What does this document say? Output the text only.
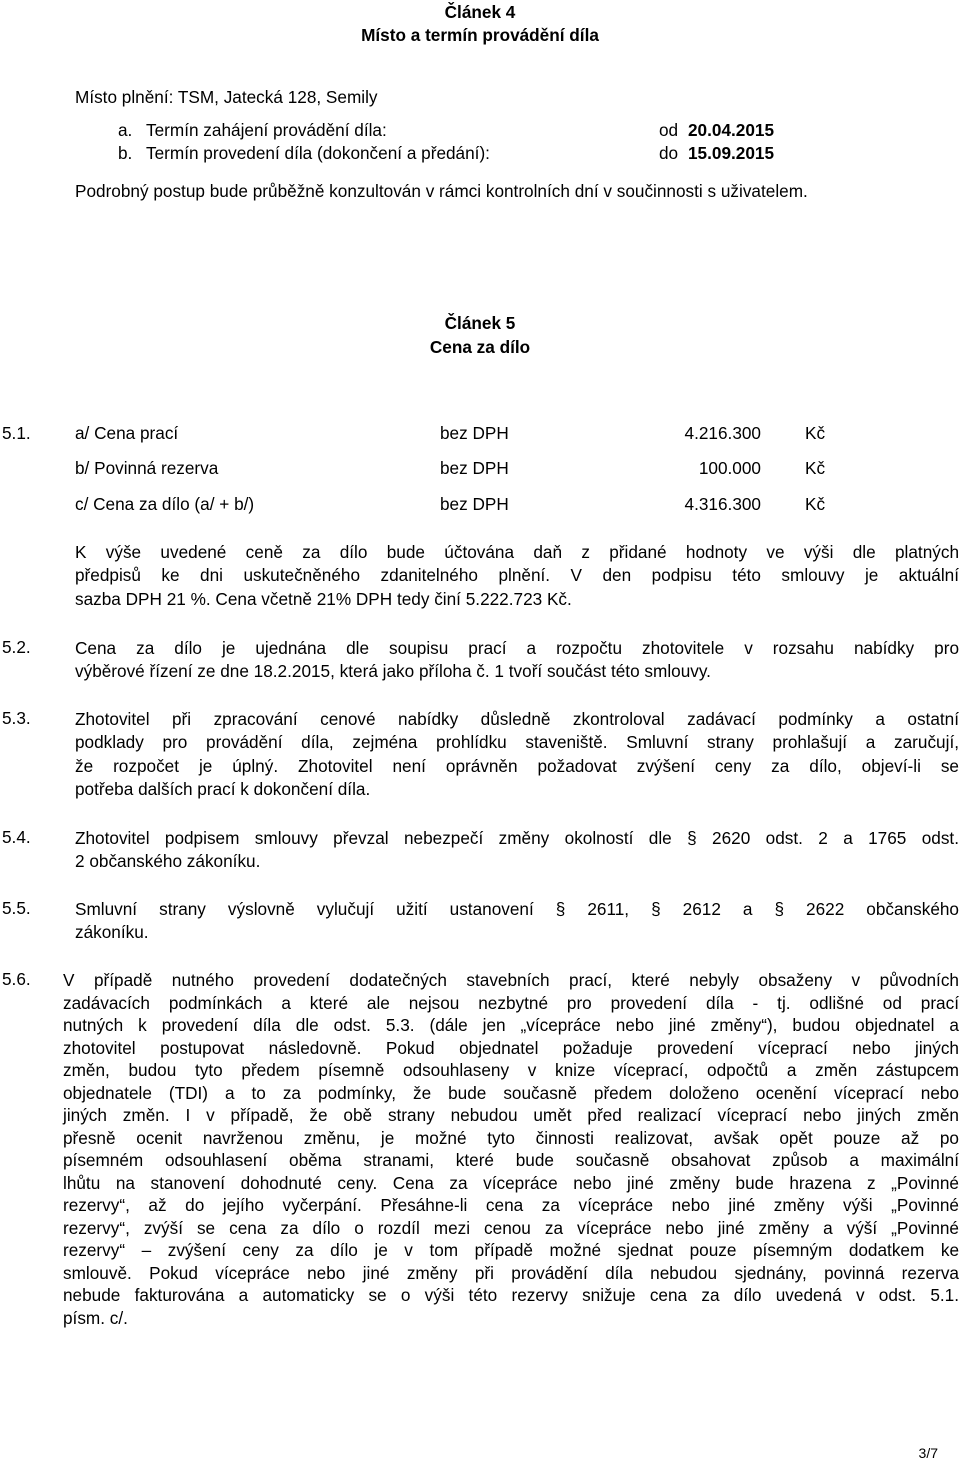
Článek 4
Místo a termín provádění díla
Místo plnění: TSM, Jatecká 128, Semily
a. Termín zahájení provádění díla:	od 20.04.2015
b. Termín provedení díla (dokončení a předání):	do 15.09.2015
Podrobný postup bude průběžně konzultován v rámci kontrolních dní v součinnosti s uživatelem.
Článek 5
Cena za dílo
5.1.	a/ Cena prací	bez DPH	4.216.300	Kč
b/ Povinná rezerva	bez DPH	100.000	Kč
c/ Cena za dílo (a/ + b/)	bez DPH	4.316.300	Kč
K výše uvedené ceně za dílo bude účtována daň z přidané hodnoty ve výši dle platných
předpisů ke dni uskutečněného zdanitelného plnění. V den podpisu této smlouvy je aktuální
sazba DPH 21 %. Cena včetně 21% DPH tedy činí 5.222.723 Kč.
5.2.	Cena za dílo je ujednána dle soupisu prací a rozpočtu zhotovitele v rozsahu nabídky pro
výběrové řízení ze dne 18.2.2015, která jako příloha č. 1 tvoří součást této smlouvy.
5.3.	Zhotovitel při zpracování cenové nabídky důsledně zkontroloval zadávací podmínky a ostatní
podklady pro provádění díla, zejména prohlídku staveniště. Smluvní strany prohlašují a zaručují,
že rozpočet je úplný. Zhotovitel není oprávněn požadovat zvýšení ceny za dílo, objeví-li se
potřeba dalších prací k dokončení díla.
5.4.	Zhotovitel podpisem smlouvy převzal nebezpečí změny okolností dle § 2620 odst. 2 a 1765 odst.
2 občanského zákoníku.
5.5.	Smluvní strany výslovně vylučují užití ustanovení § 2611, § 2612 a § 2622 občanského
zákoníku.
5.6. V případě nutného provedení dodatečných stavebních prací, které nebyly obsaženy v původních
zadávacích podmínkách a které ale nejsou nezbytné pro provedení díla - tj. odlišné od prací
nutných k provedení díla dle odst. 5.3. (dále jen „vícepráce nebo jiné změny“), budou objednatel a
zhotovitel postupovat následovně. Pokud objednatel požaduje provedení víceprací nebo jiných
změn, budou tyto předem písemně odsouhlaseny v knize víceprací, odpočtů a změn zástupcem
objednatele (TDI) a to za podmínky, že bude současně předem doloženo ocenění víceprací nebo
jiných změn. I v případě, že obě strany nebudou umět před realizací víceprací nebo jiných změn
přesně ocenit navrženou změnu, je možné tyto činnosti realizovat, avšak opět pouze až po
písemném odsouhlasení oběma stranami, které bude současně obsahovat způsob a maximální
lhůtu na stanovení dohodnuté ceny. Cena za vícepráce nebo jiné změny bude hrazena z „Povinné
rezervy“, až do jejího vyčerpání. Přesáhne-li cena za vícepráce nebo jiné změny výši „Povinné
rezervy“, zvýší se cena za dílo o rozdíl mezi cenou za vícepráce nebo jiné změny a výší „Povinné
rezervy“ – zvýšení ceny za dílo je v tom případě možné sjednat pouze písemným dodatkem ke
smlouvě. Pokud vícepráce nebo jiné změny při provádění díla nebudou sjednány, povinná rezerva
nebude fakturována a automaticky se o výši této rezervy snižuje cena za dílo uvedená v odst. 5.1.
písm. c/.
3/7
